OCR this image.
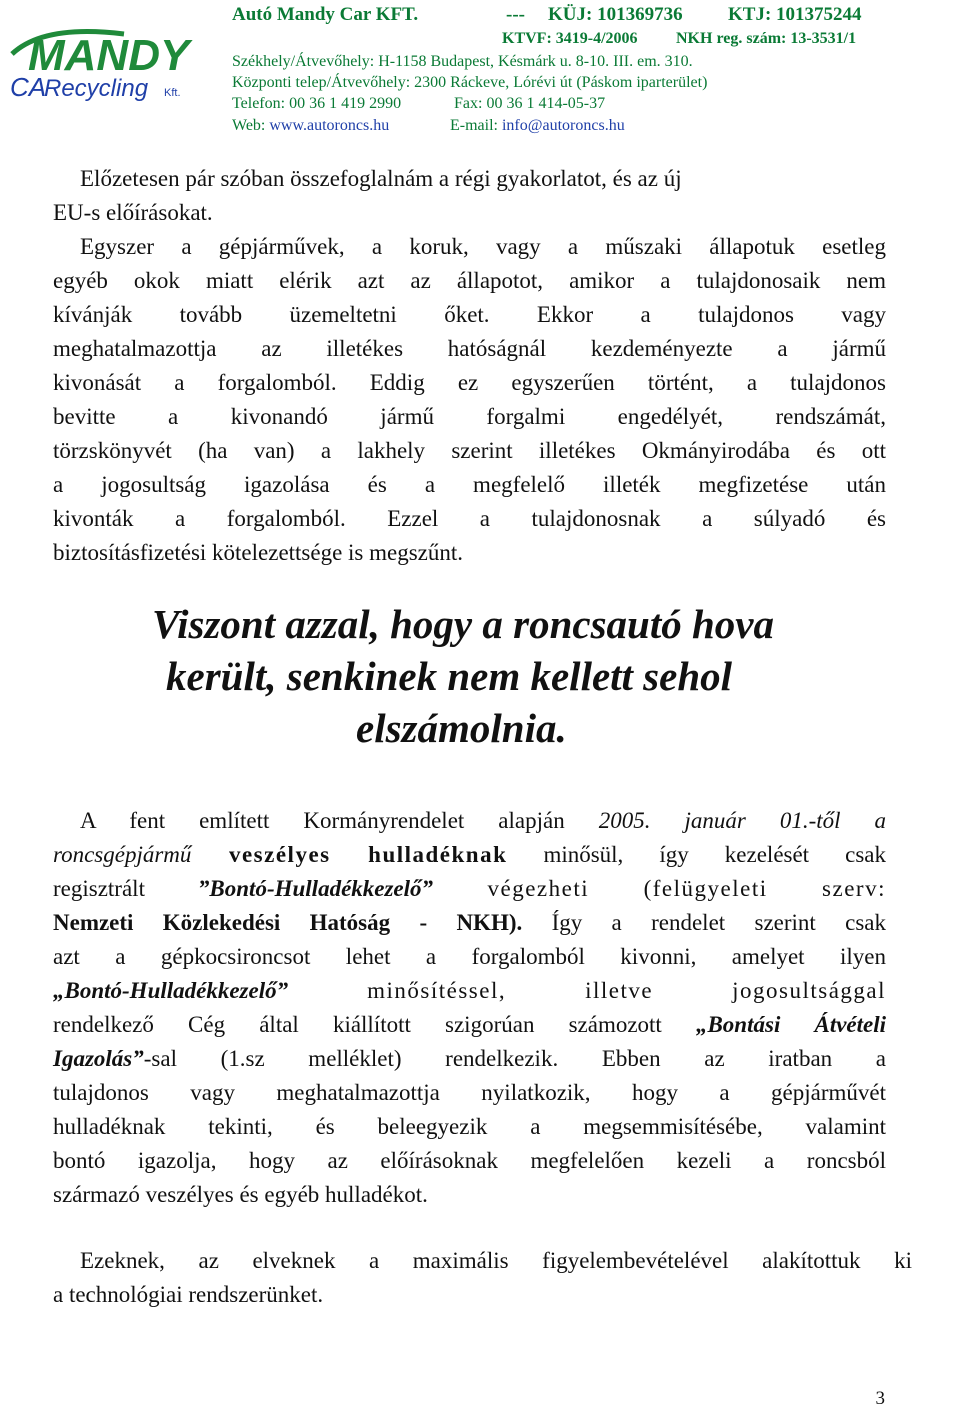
MANDY
CA
Recycling Kft.
Autó Mandy Car KFT.	--- KÜJ: 101369736 KTJ: 101375244
KTVF: 3419-4/2006 NKH reg. szám: 13-3531/1
Székhely/Átvevőhely: H-1158 Budapest, Késmárk u. 8-10. III. em. 310.
Központi telep/Átvevőhely: 2300 Ráckeve, Lórévi út (Páskom iparterület)
Telefon: 00 36 1 419 2990	Fax: 00 36 1 414-05-37
Web: www.autoroncs.hu	E-mail: info@autoroncs.hu
Előzetesen pár szóban összefoglalnám a régi gyakorlatot, és az új
EU-s előírásokat.
Egyszer a gépjárművek, a koruk, vagy a műszaki állapotuk esetleg
egyéb okok miatt elérik azt az állapotot, amikor a tulajdonosaik nem
kívánják tovább üzemeltetni őket. Ekkor a tulajdonos vagy
meghatalmazottja az illetékes hatóságnál kezdeményezte a jármű
kivonását a forgalomból. Eddig ez egyszerűen történt, a tulajdonos
bevitte a kivonandó jármű forgalmi engedélyét, rendszámát,
törzskönyvét (ha van) a lakhely szerint illetékes Okmányirodába és ott
a jogosultság igazolása és a megfelelő illeték megfizetése után
kivonták a forgalomból. Ezzel a tulajdonosnak a súlyadó és
biztosításfizetési kötelezettsége is megszűnt.
Viszont azzal, hogy a roncsautó hova
került, senkinek nem kellett sehol
elszámolnia.
A fent említett Kormányrendelet alapján 2005. január 01.-től a
roncsgépjármű veszélyes hulladéknak minősül, így kezelését csak
regisztrált ”Bontó-Hulladékkezelő” végezheti (felügyeleti szerv:
Nemzeti Közlekedési Hatóság - NKH). Így a rendelet szerint csak
azt a gépkocsironcsot lehet a forgalomból kivonni, amelyet ilyen
„Bontó-Hulladékkezelő” minősítéssel, illetve jogosultsággal
rendelkező Cég által kiállított szigorúan számozott „Bontási Átvételi
Igazolás”-sal (1.sz melléklet) rendelkezik. Ebben az iratban a
tulajdonos vagy meghatalmazottja nyilatkozik, hogy a gépjárművét
hulladéknak tekinti, és beleegyezik a megsemmisítésébe, valamint
bontó igazolja, hogy az előírásoknak megfelelően kezeli a roncsból
származó veszélyes és egyéb hulladékot.
Ezeknek, az elveknek a maximális figyelembevételével alakítottuk ki
a technológiai rendszerünket.
3
